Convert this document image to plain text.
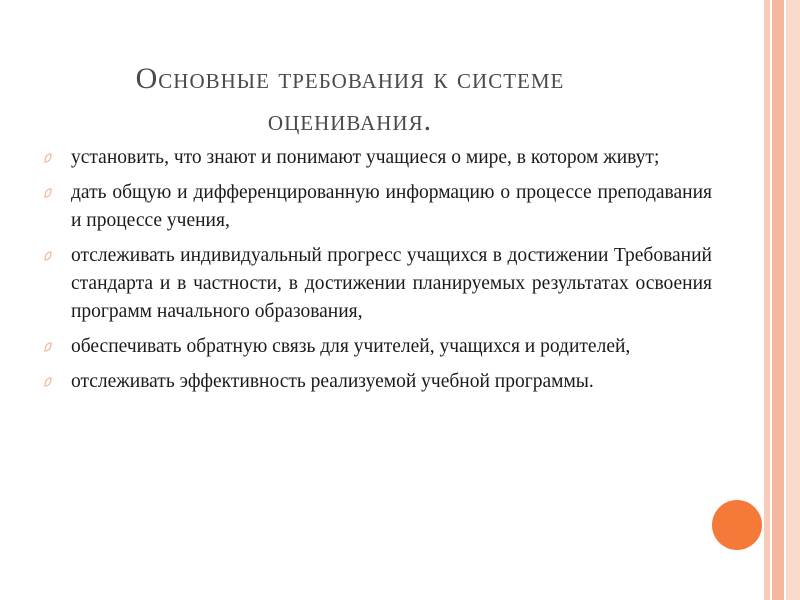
Основные требования к системе оценивания.
установить, что знают и понимают учащиеся о мире, в котором живут;
дать общую и дифференцированную информацию о процессе преподавания и процессе учения,
отслеживать индивидуальный прогресс учащихся в достижении Требований стандарта и в частности, в достижении планируемых результатах освоения программ начального образования,
обеспечивать обратную связь для учителей, учащихся и родителей,
отслеживать эффективность реализуемой учебной программы.
